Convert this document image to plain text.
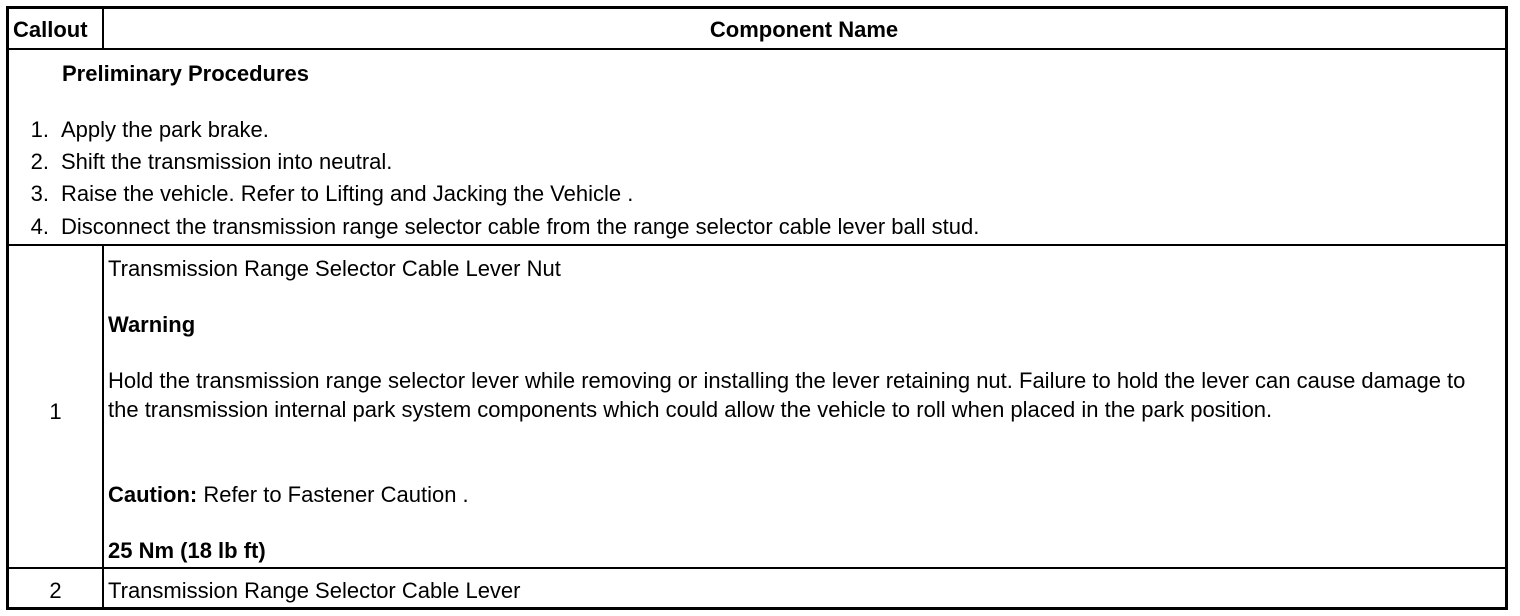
Callout	Component Name
Preliminary Procedures
1. Apply the park brake.
2. Shift the transmission into neutral.
3. Raise the vehicle. Refer to Lifting and Jacking the Vehicle .
4. Disconnect the transmission range selector cable from the range selector cable lever ball stud.
1
Transmission Range Selector Cable Lever Nut
Warning
Hold the transmission range selector lever while removing or installing the lever retaining nut. Failure to hold the lever can cause damage to the transmission internal park system components which could allow the vehicle to roll when placed in the park position.
Caution: Refer to Fastener Caution .
25 Nm (18 lb ft)
2	Transmission Range Selector Cable Lever
